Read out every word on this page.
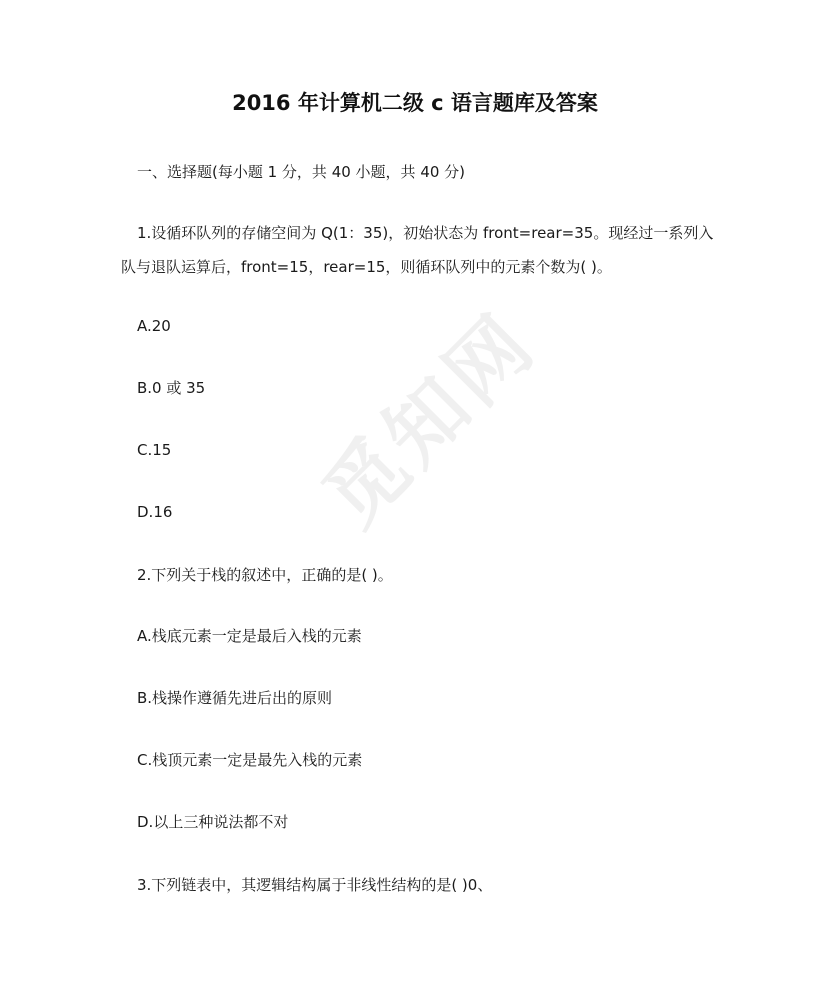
觅知网
2016 年计算机二级 c 语言题库及答案
一、选择题(每小题 1 分，共 40 小题，共 40 分)
1.设循环队列的存储空间为 Q(1：35)，初始状态为 front=rear=35。现经过一系列入
队与退队运算后，front=15，rear=15，则循环队列中的元素个数为( )。
A.20
B.0 或 35
C.15
D.16
2.下列关于栈的叙述中，正确的是( )。
A.栈底元素一定是最后入栈的元素
B.栈操作遵循先进后出的原则
C.栈顶元素一定是最先入栈的元素
D.以上三种说法都不对
3.下列链表中，其逻辑结构属于非线性结构的是( )0、
